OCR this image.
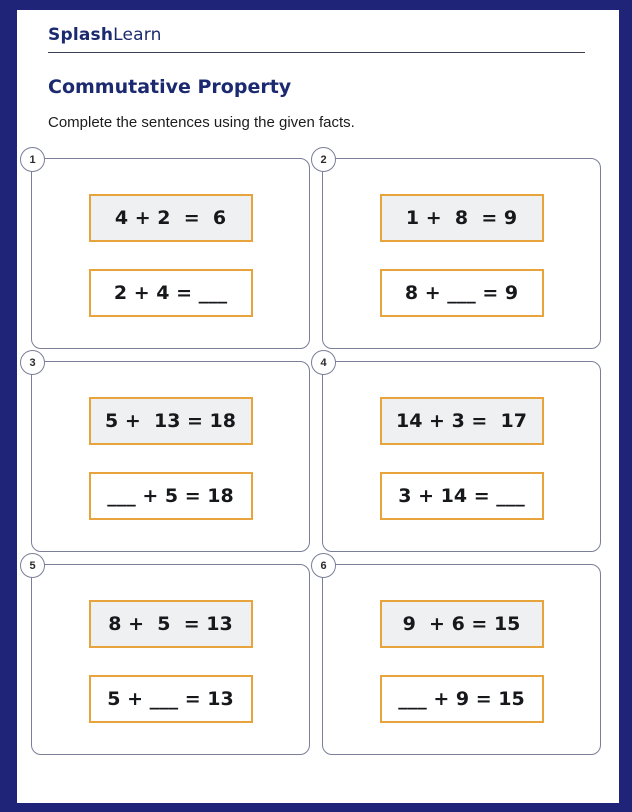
SplashLearn
Commutative Property
Complete the sentences using the given facts.
1
4 + 2  =  6
2 + 4 = ___
2
1 +  8  = 9
8 + ___ = 9
3
5 +  13 = 18
___ + 5 = 18
4
14 + 3 =  17
3 + 14 = ___
5
8 +  5  = 13
5 + ___ = 13
6
9  + 6 = 15
___ + 9 = 15
